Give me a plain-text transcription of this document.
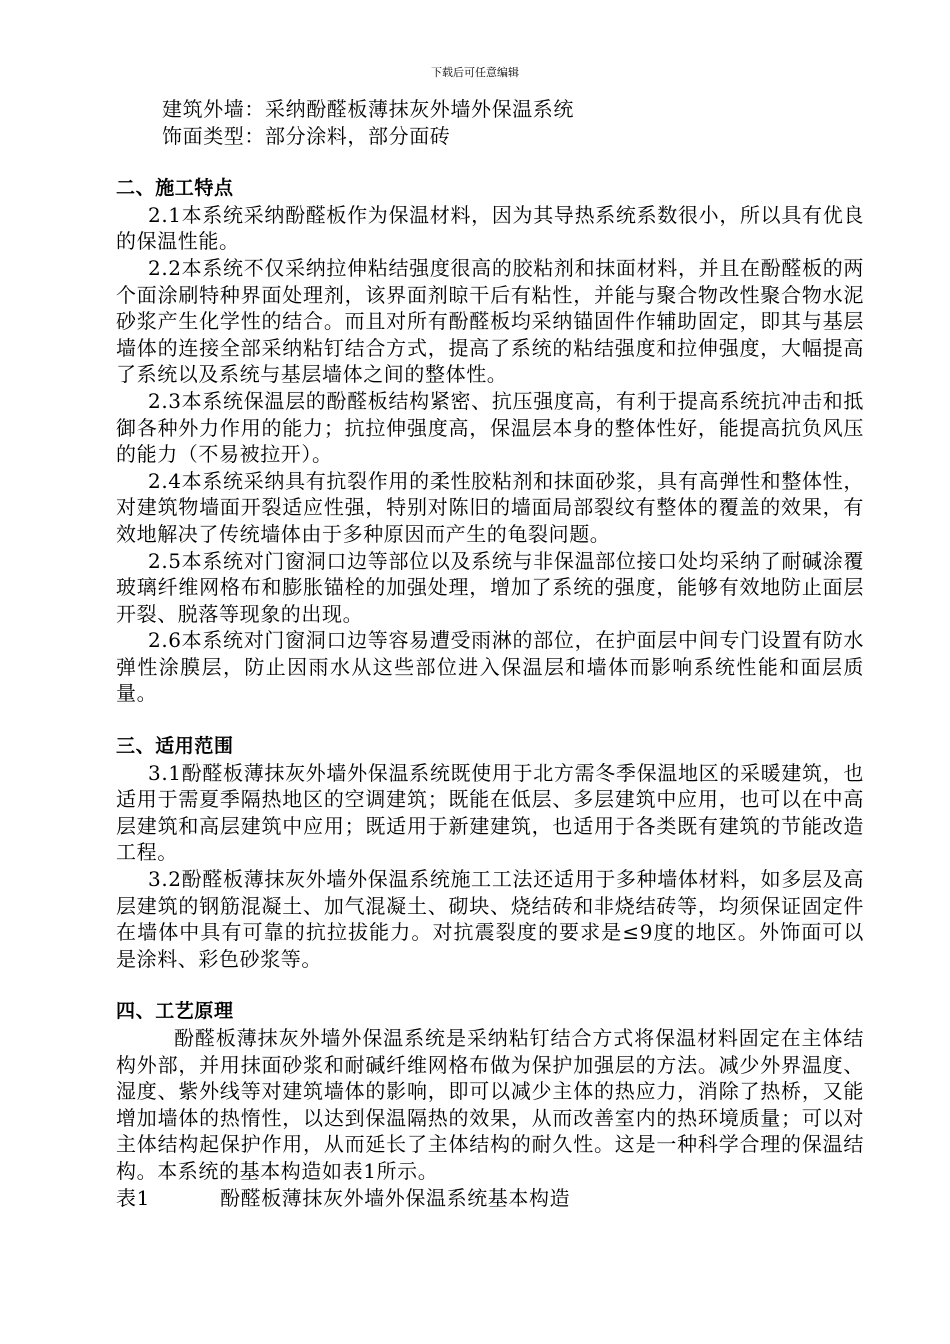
下载后可任意编辑
建筑外墙：采纳酚醛板薄抹灰外墙外保温系统
饰面类型：部分涂料，部分面砖
二、施工特点

2.1本系统采纳酚醛板作为保温材料，因为其导热系统系数很小，所以具有优良的保温性能。

2.2本系统不仅采纳拉伸粘结强度很高的胶粘剂和抹面材料，并且在酚醛板的两个面涂刷特种界面处理剂，该界面剂晾干后有粘性，并能与聚合物改性聚合物水泥砂浆产生化学性的结合。而且对所有酚醛板均采纳锚固件作辅助固定，即其与基层墙体的连接全部采纳粘钉结合方式，提高了系统的粘结强度和拉伸强度，大幅提高了系统以及系统与基层墙体之间的整体性。

2.3本系统保温层的酚醛板结构紧密、抗压强度高，有利于提高系统抗冲击和抵御各种外力作用的能力；抗拉伸强度高，保温层本身的整体性好，能提高抗负风压的能力（不易被拉开）。

2.4本系统采纳具有抗裂作用的柔性胶粘剂和抹面砂浆，具有高弹性和整体性，对建筑物墙面开裂适应性强，特别对陈旧的墙面局部裂纹有整体的覆盖的效果，有效地解决了传统墙体由于多种原因而产生的龟裂问题。

2.5本系统对门窗洞口边等部位以及系统与非保温部位接口处均采纳了耐碱涂覆玻璃纤维网格布和膨胀锚栓的加强处理，增加了系统的强度，能够有效地防止面层开裂、脱落等现象的出现。

2.6本系统对门窗洞口边等容易遭受雨淋的部位，在护面层中间专门设置有防水弹性涂膜层，防止因雨水从这些部位进入保温层和墙体而影响系统性能和面层质量。

三、适用范围

3.1酚醛板薄抹灰外墙外保温系统既使用于北方需冬季保温地区的采暖建筑，也适用于需夏季隔热地区的空调建筑；既能在低层、多层建筑中应用，也可以在中高层建筑和高层建筑中应用；既适用于新建建筑，也适用于各类既有建筑的节能改造工程。

3.2酚醛板薄抹灰外墙外保温系统施工工法还适用于多种墙体材料，如多层及高层建筑的钢筋混凝土、加气混凝土、砌块、烧结砖和非烧结砖等，均须保证固定件在墙体中具有可靠的抗拉拔能力。对抗震裂度的要求是≤9度的地区。外饰面可以是涂料、彩色砂浆等。

四、工艺原理

酚醛板薄抹灰外墙外保温系统是采纳粘钉结合方式将保温材料固定在主体结构外部，并用抹面砂浆和耐碱纤维网格布做为保护加强层的方法。减少外界温度、湿度、紫外线等对建筑墙体的影响，即可以减少主体的热应力，消除了热桥，又能增加墙体的热惰性，以达到保温隔热的效果，从而改善室内的热环境质量；可以对主体结构起保护作用，从而延长了主体结构的耐久性。这是一种科学合理的保温结构。本系统的基本构造如表1所示。

表1	酚醛板薄抹灰外墙外保温系统基本构造
